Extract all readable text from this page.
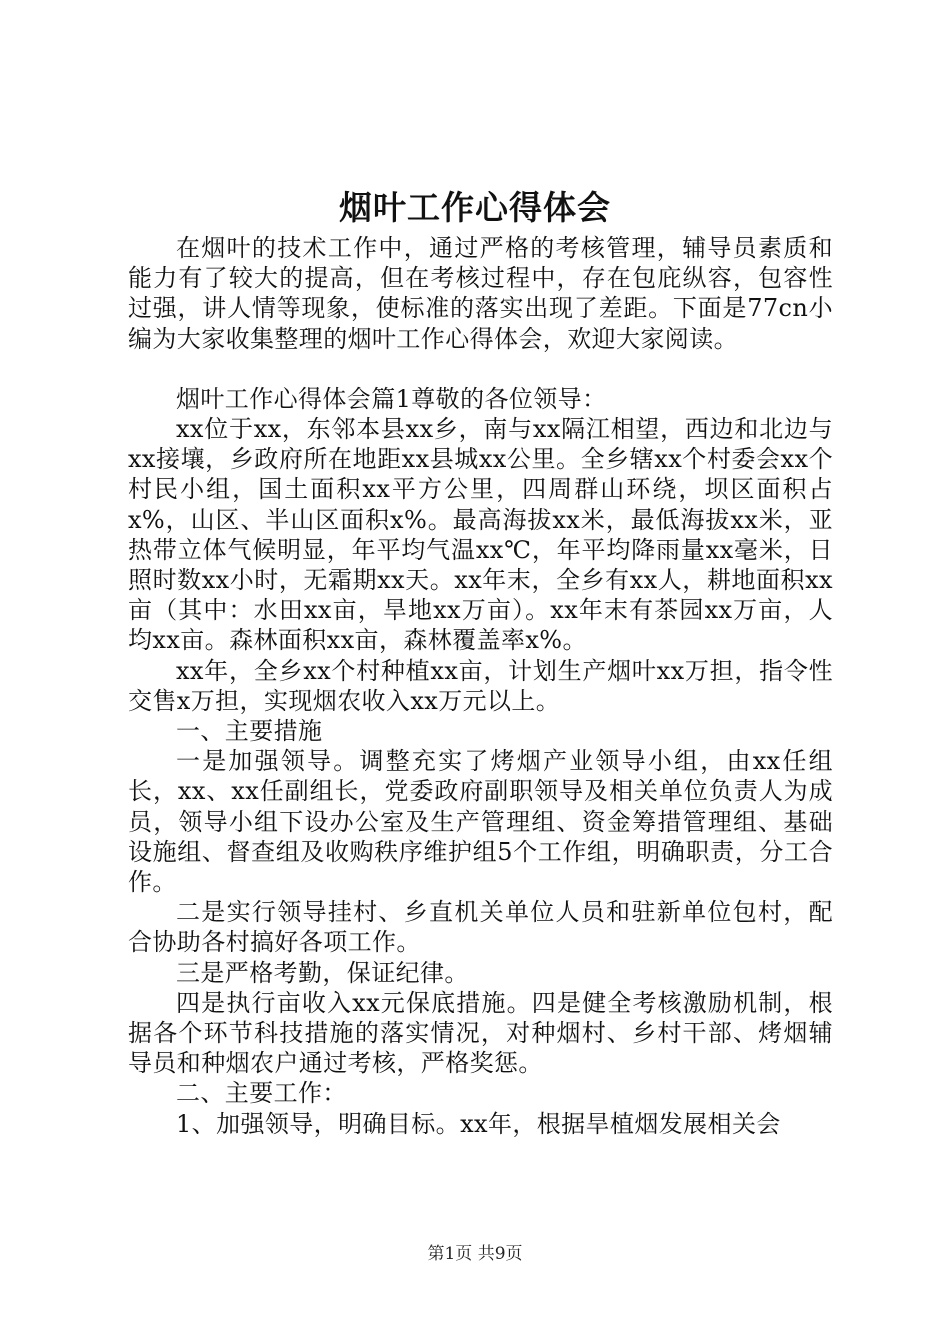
烟叶工作心得体会

在烟叶的技术工作中，通过严格的考核管理，辅导员素质和能力有了较大的提高，但在考核过程中，存在包庇纵容，包容性过强，讲人情等现象，使标准的落实出现了差距。下面是77cn小编为大家收集整理的烟叶工作心得体会，欢迎大家阅读。

烟叶工作心得体会篇1尊敬的各位领导：

xx位于xx，东邻本县xx乡，南与xx隔江相望，西边和北边与xx接壤，乡政府所在地距xx县城xx公里。全乡辖xx个村委会xx个村民小组，国土面积xx平方公里，四周群山环绕，坝区面积占x%，山区、半山区面积x%。最高海拔xx米，最低海拔xx米，亚热带立体气候明显，年平均气温xx℃，年平均降雨量xx毫米，日照时数xx小时，无霜期xx天。xx年末，全乡有xx人，耕地面积xx亩（其中：水田xx亩，旱地xx万亩）。xx年末有茶园xx万亩，人均xx亩。森林面积xx亩，森林覆盖率x%。

xx年，全乡xx个村种植xx亩，计划生产烟叶xx万担，指令性交售x万担，实现烟农收入xx万元以上。

一、主要措施

一是加强领导。调整充实了烤烟产业领导小组，由xx任组长，xx、xx任副组长，党委政府副职领导及相关单位负责人为成员，领导小组下设办公室及生产管理组、资金筹措管理组、基础设施组、督查组及收购秩序维护组5个工作组，明确职责，分工合作。

二是实行领导挂村、乡直机关单位人员和驻新单位包村，配合协助各村搞好各项工作。

三是严格考勤，保证纪律。

四是执行亩收入xx元保底措施。四是健全考核激励机制，根据各个环节科技措施的落实情况，对种烟村、乡村干部、烤烟辅导员和种烟农户通过考核，严格奖惩。

二、主要工作：

1、加强领导，明确目标。xx年，根据旱植烟发展相关会

第1页 共9页
